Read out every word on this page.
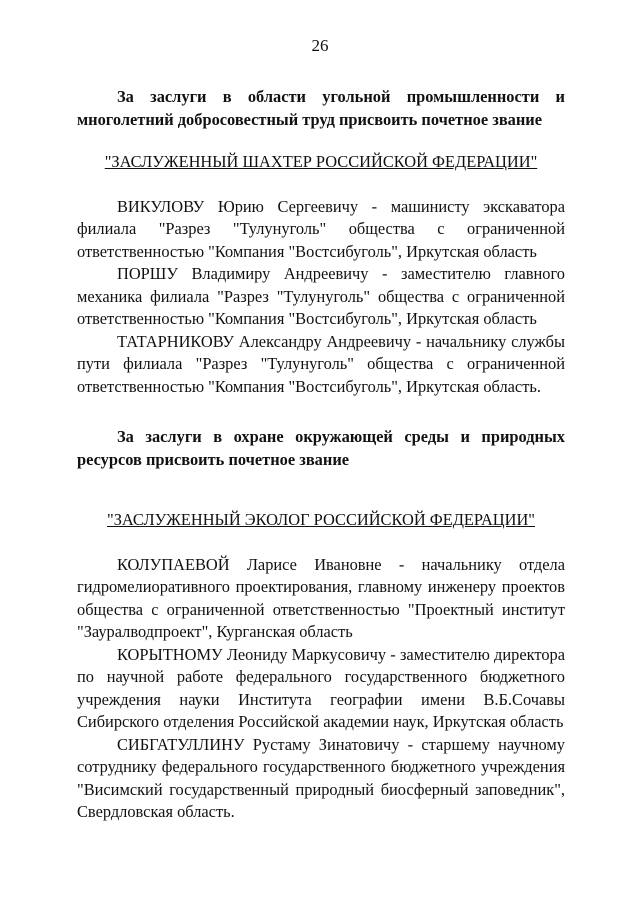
26

За заслуги в области угольной промышленности и многолетний добросовестный труд присвоить почетное звание

"ЗАСЛУЖЕННЫЙ ШАХТЕР РОССИЙСКОЙ ФЕДЕРАЦИИ"

ВИКУЛОВУ Юрию Сергеевичу - машинисту экскаватора филиала "Разрез "Тулунуголь" общества с ограниченной ответственностью "Компания "Востсибуголь", Иркутская область

ПОРШУ Владимиру Андреевичу - заместителю главного механика филиала "Разрез "Тулунуголь" общества с ограниченной ответственностью "Компания "Востсибуголь", Иркутская область

ТАТАРНИКОВУ Александру Андреевичу - начальнику службы пути филиала "Разрез "Тулунуголь" общества с ограниченной ответственностью "Компания "Востсибуголь", Иркутская область.

За заслуги в охране окружающей среды и природных ресурсов присвоить почетное звание

"ЗАСЛУЖЕННЫЙ ЭКОЛОГ РОССИЙСКОЙ ФЕДЕРАЦИИ"

КОЛУПАЕВОЙ Ларисе Ивановне - начальнику отдела гидромелиоративного проектирования, главному инженеру проектов общества с ограниченной ответственностью "Проектный институт "Зауралводпроект", Курганская область

КОРЫТНОМУ Леониду Маркусовичу - заместителю директора по научной работе федерального государственного бюджетного учреждения науки Института географии имени В.Б.Сочавы Сибирского отделения Российской академии наук, Иркутская область

СИБГАТУЛЛИНУ Рустаму Зинатовичу - старшему научному сотруднику федерального государственного бюджетного учреждения "Висимский государственный природный биосферный заповедник", Свердловская область.
